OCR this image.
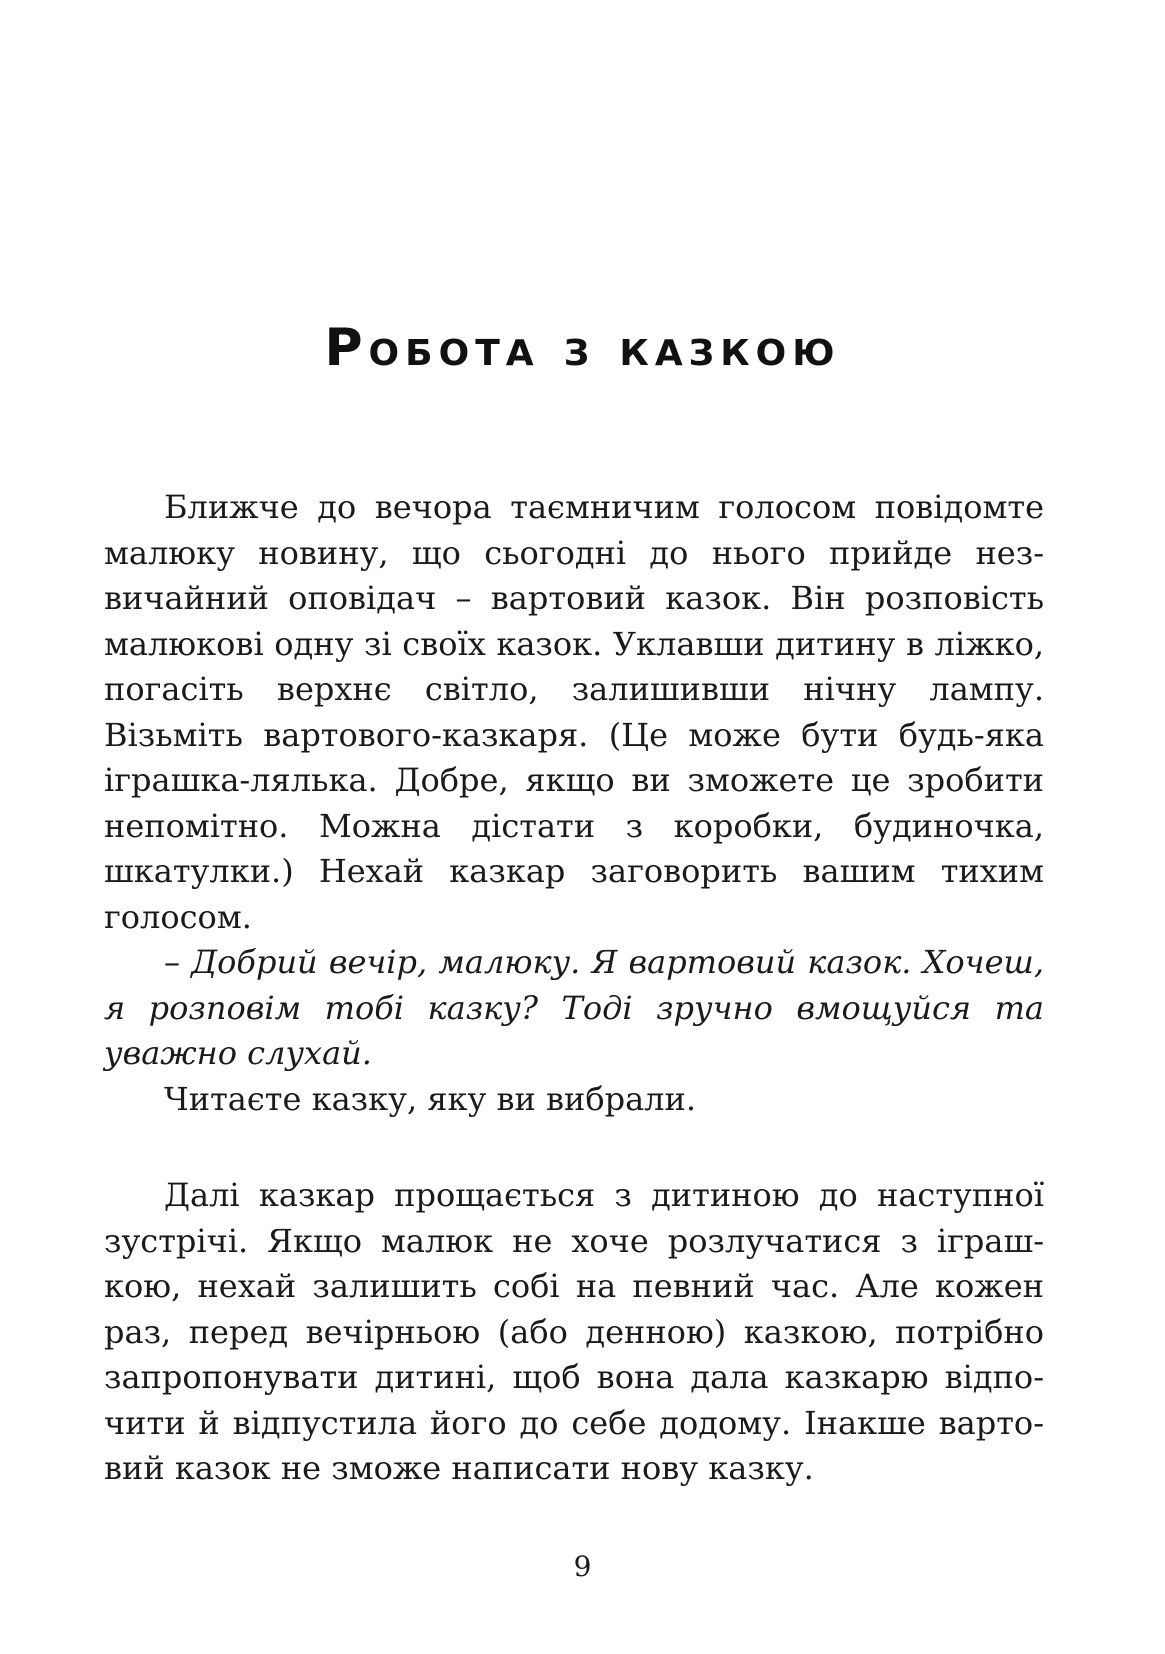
Робота з казкою

Ближче до вечора таємничим голосом повідомте малюку новину, що сьогодні до нього прийде незвичайний оповідач – вартовий казок. Він розповість малюкові одну зі своїх казок. Уклавши дитину в ліжко, погасіть верхнє світло, залишивши нічну лампу. Візьміть вартового-казкаря. (Це може бути будь-яка іграшка-лялька. Добре, якщо ви зможете це зробити непомітно. Можна дістати з коробки, будиночка, шкатулки.) Нехай казкар заговорить вашим тихим голосом.

– Добрий вечір, малюку. Я вартовий казок. Хочеш, я розповім тобі казку? Тоді зручно вмощуйся та уважно слухай.

Читаєте казку, яку ви вибрали.

Далі казкар прощається з дитиною до наступної зустрічі. Якщо малюк не хоче розлучатися з іграшкою, нехай залишить собі на певний час. Але кожен раз, перед вечірньою (або денною) казкою, потрібно запропонувати дитині, щоб вона дала казкарю відпочити й відпустила його до себе додому. Інакше вартовий казок не зможе написати нову казку.

9
